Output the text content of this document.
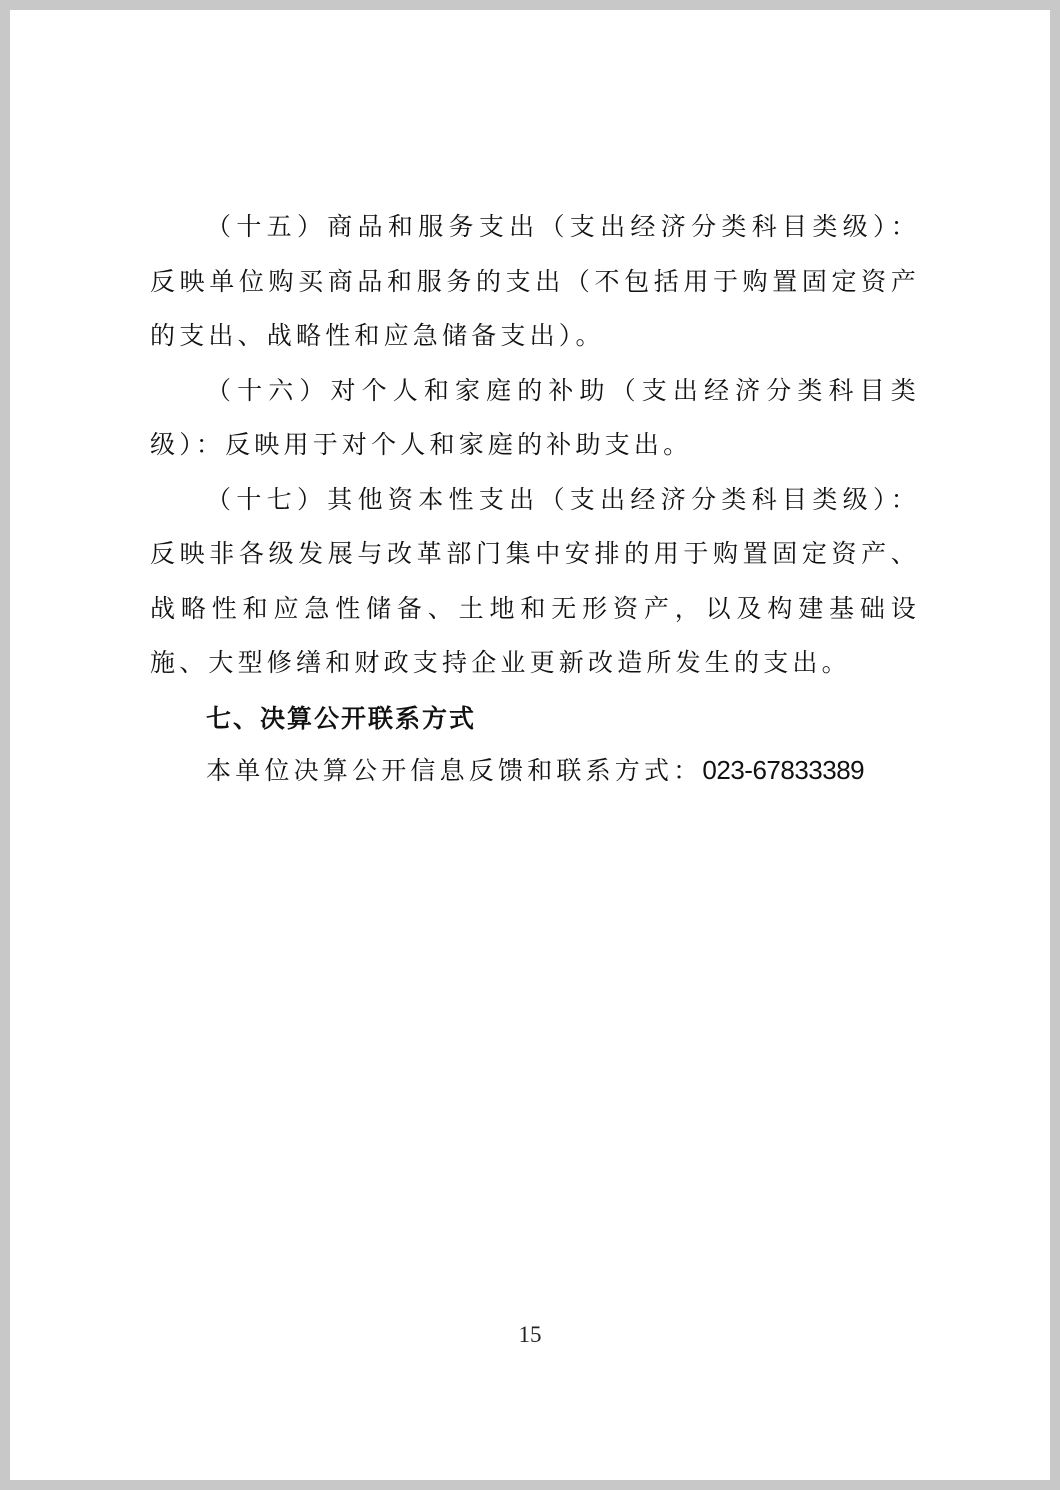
（十五）商品和服务支出（支出经济分类科目类级）：反映单位购买商品和服务的支出（不包括用于购置固定资产的支出、战略性和应急储备支出）。

（十六）对个人和家庭的补助（支出经济分类科目类级）：反映用于对个人和家庭的补助支出。

（十七）其他资本性支出（支出经济分类科目类级）：反映非各级发展与改革部门集中安排的用于购置固定资产、战略性和应急性储备、土地和无形资产，以及构建基础设施、大型修缮和财政支持企业更新改造所发生的支出。

七、决算公开联系方式

本单位决算公开信息反馈和联系方式：023-67833389

15
